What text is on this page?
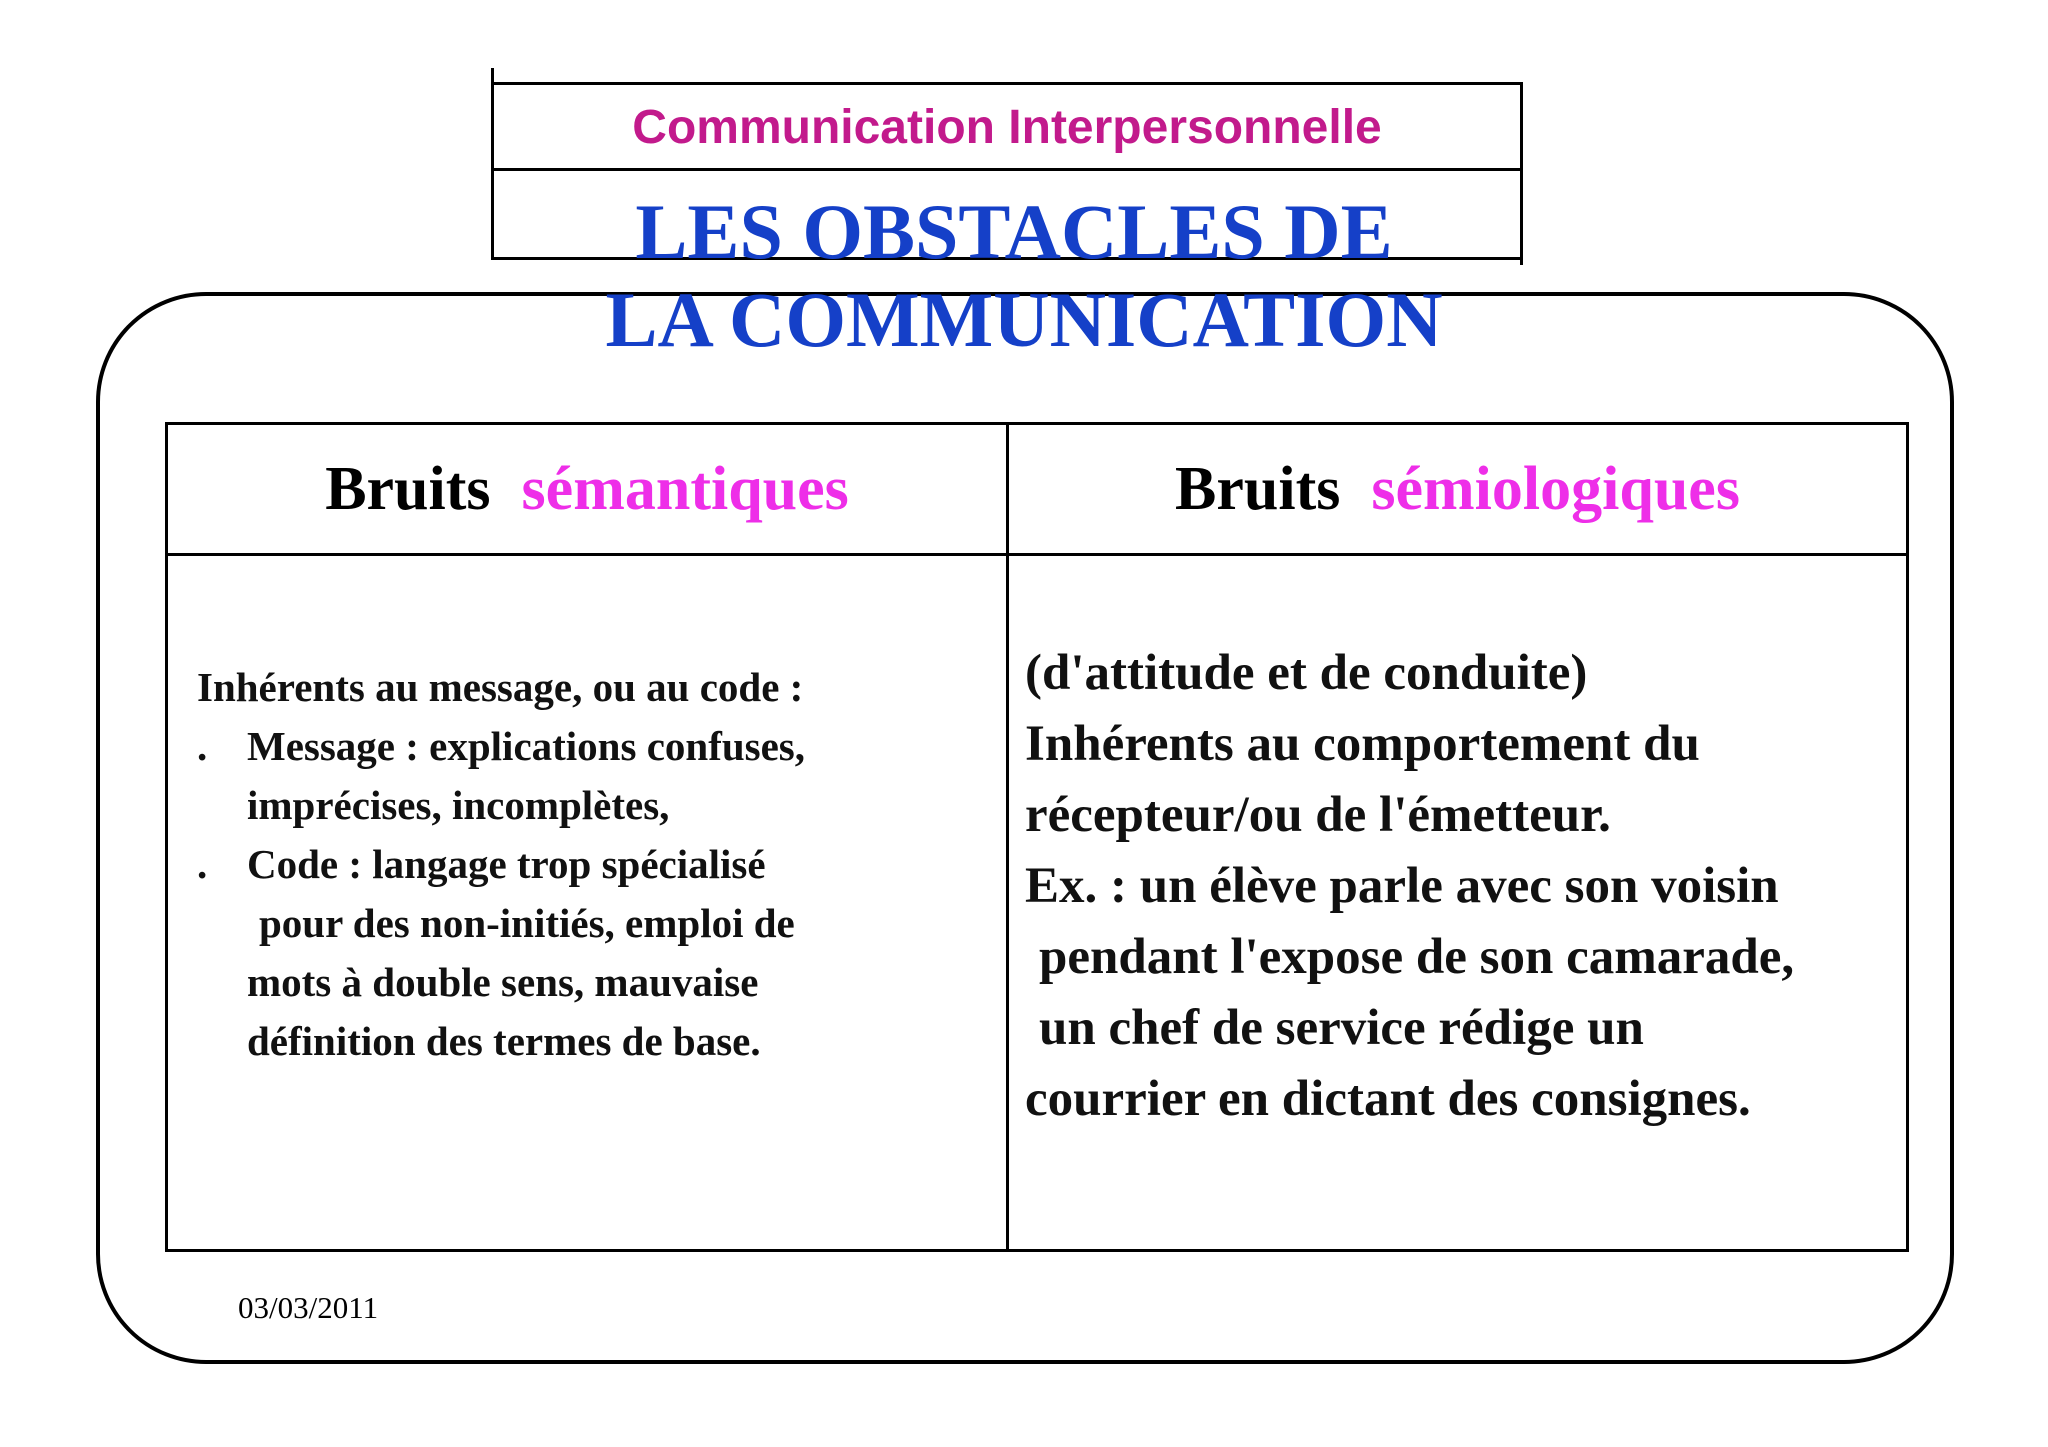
Communication Interpersonnelle
LES OBSTACLES DE
LA COMMUNICATION
Bruits sémantiques	Bruits sémiologiques
Inhérents au message, ou au code :
. Message : explications confuses,
imprécises, incomplètes,
. Code : langage trop spécialisé
pour des non-initiés, emploi de
mots à double sens, mauvaise
définition des termes de base.
(d'attitude et de conduite)
Inhérents au comportement du
récepteur/ou de l'émetteur.
Ex. : un élève parle avec son voisin
pendant l'expose de son camarade,
un chef de service rédige un
courrier en dictant des consignes.
03/03/2011
